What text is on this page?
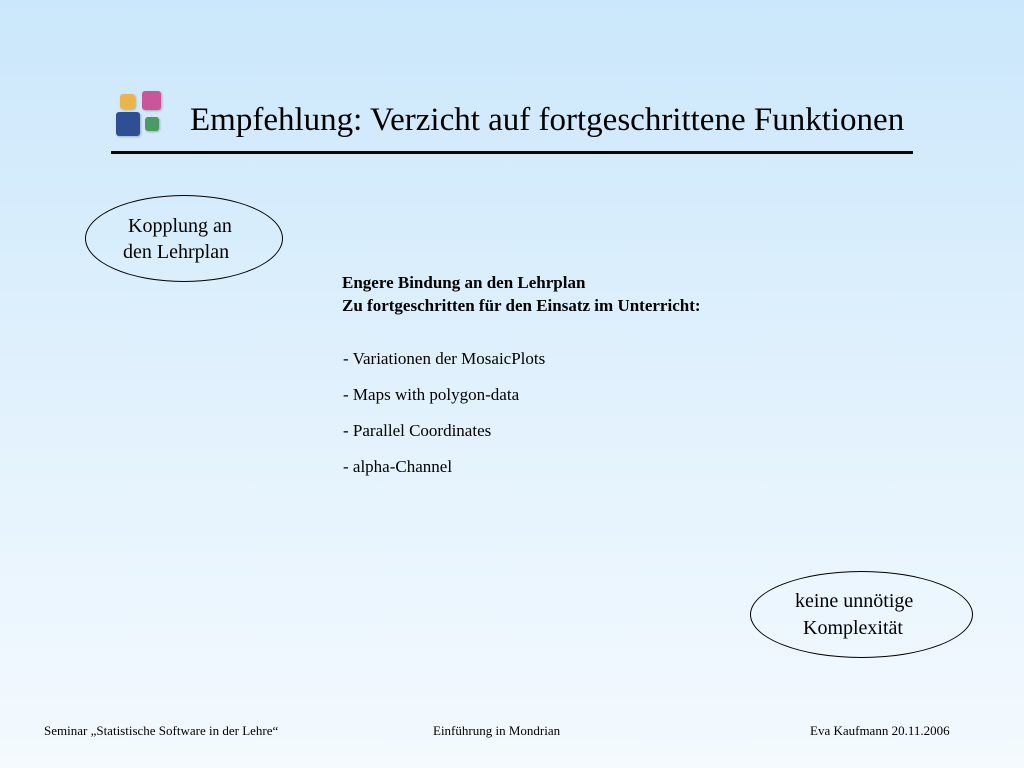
Empfehlung: Verzicht auf fortgeschrittene Funktionen
Kopplung an
den Lehrplan
Engere Bindung an den Lehrplan
Zu fortgeschritten für den Einsatz im Unterricht:
- Variationen der MosaicPlots
- Maps with polygon-data
- Parallel Coordinates
- alpha-Channel
keine unnötige
Komplexität
Seminar „Statistische Software in der Lehre“	Einführung in Mondrian	Eva Kaufmann 20.11.2006
